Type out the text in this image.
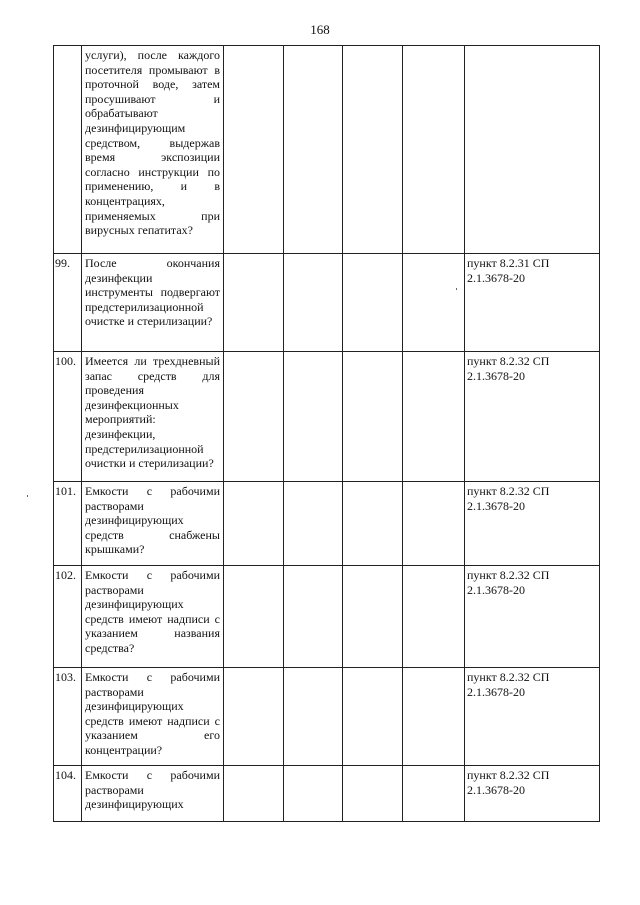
168

	услуги), после каждого посетителя промывают в проточной воде, затем просушивают и обрабатывают дезинфицирующим средством, выдержав время экспозиции согласно инструкции по применению, и в концентрациях, применяемых при вирусных гепатитах?					

99.	После окончания дезинфекции инструменты подвергают предстерилизационной очистке и стерилизации?					пункт 8.2.31 СП 2.1.3678-20

100.	Имеется ли трехдневный запас средств для проведения дезинфекционных мероприятий: дезинфекции, предстерилизационной очистки и стерилизации?					пункт 8.2.32 СП 2.1.3678-20

101.	Емкости с рабочими растворами дезинфицирующих средств снабжены крышками?					пункт 8.2.32 СП 2.1.3678-20

102.	Емкости с рабочими растворами дезинфицирующих средств имеют надписи с указанием названия средства?					пункт 8.2.32 СП 2.1.3678-20

103.	Емкости с рабочими растворами дезинфицирующих средств имеют надписи с указанием его концентрации?					пункт 8.2.32 СП 2.1.3678-20

104.	Емкости с рабочими растворами дезинфицирующих					пункт 8.2.32 СП 2.1.3678-20
